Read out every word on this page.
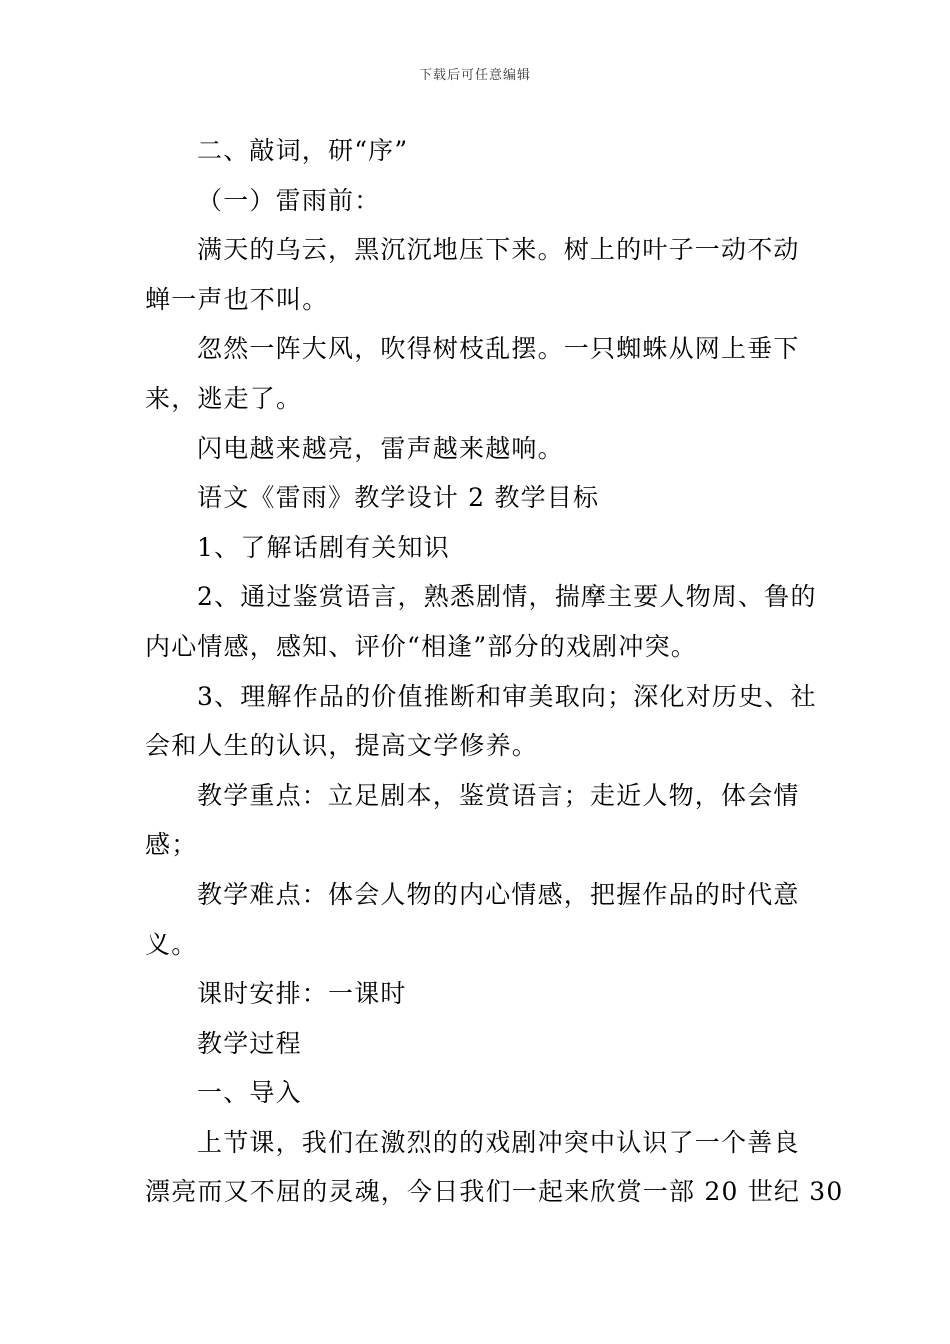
下载后可任意编辑
二、敲词，研“序”
（一）雷雨前：
满天的乌云，黑沉沉地压下来。树上的叶子一动不动
蝉一声也不叫。
忽然一阵大风，吹得树枝乱摆。一只蜘蛛从网上垂下
来，逃走了。
闪电越来越亮，雷声越来越响。
语文《雷雨》教学设计 2 教学目标
1、了解话剧有关知识
2、通过鉴赏语言，熟悉剧情，揣摩主要人物周、鲁的
内心情感，感知、评价“相逢”部分的戏剧冲突。
3、理解作品的价值推断和审美取向；深化对历史、社
会和人生的认识，提高文学修养。
教学重点：立足剧本，鉴赏语言；走近人物，体会情
感；
教学难点：体会人物的内心情感，把握作品的时代意
义。
课时安排：一课时
教学过程
一、导入
上节课，我们在激烈的的戏剧冲突中认识了一个善良
漂亮而又不屈的灵魂，今日我们一起来欣赏一部 20 世纪 30
